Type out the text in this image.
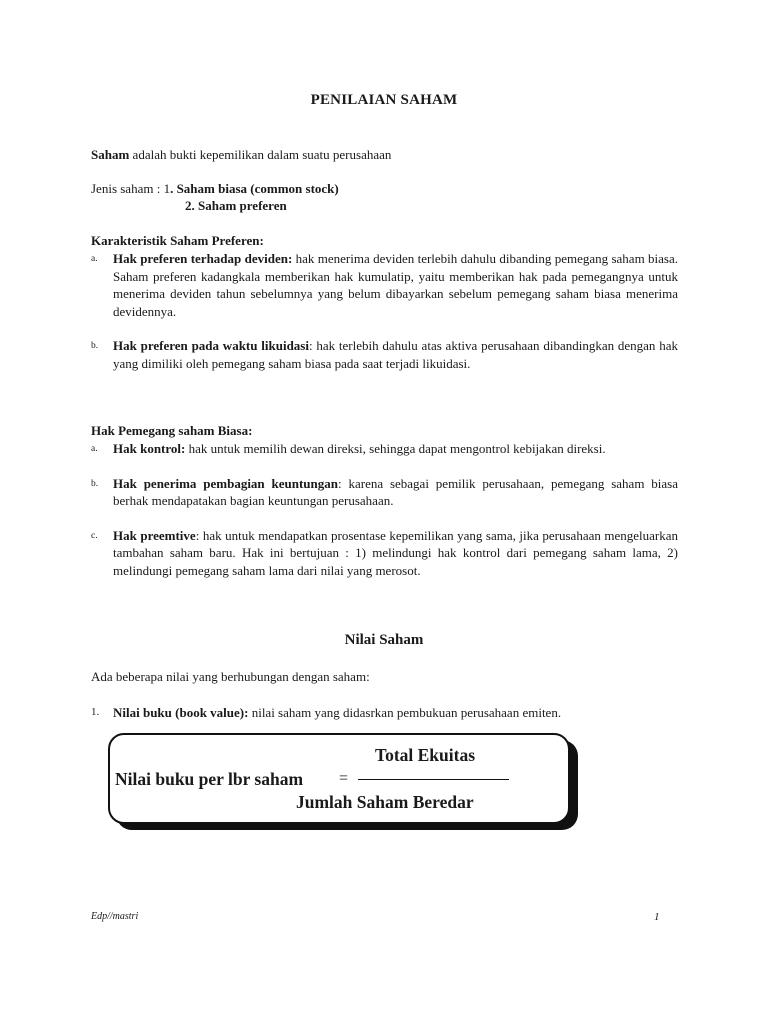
PENILAIAN SAHAM
Saham adalah bukti kepemilikan dalam suatu perusahaan
Jenis saham : 1. Saham biasa (common stock)
2. Saham preferen
Karakteristik Saham Preferen:
a. Hak preferen terhadap deviden: hak menerima deviden terlebih dahulu dibanding pemegang saham biasa. Saham preferen kadangkala memberikan hak kumulatip, yaitu memberikan hak pada pemegangnya untuk menerima deviden tahun sebelumnya yang belum dibayarkan sebelum pemegang saham biasa menerima devidennya.
b. Hak preferen pada waktu likuidasi: hak terlebih dahulu atas aktiva perusahaan dibandingkan dengan hak yang dimiliki oleh pemegang saham biasa pada saat terjadi likuidasi.
Hak Pemegang saham Biasa:
a. Hak kontrol: hak untuk memilih dewan direksi, sehingga dapat mengontrol kebijakan direksi.
b. Hak penerima pembagian keuntungan: karena sebagai pemilik perusahaan, pemegang saham biasa berhak mendapatakan bagian keuntungan perusahaan.
c. Hak preemtive: hak untuk mendapatkan prosentase kepemilikan yang sama, jika perusahaan mengeluarkan tambahan saham baru. Hak ini bertujuan : 1) melindungi hak kontrol dari pemegang saham lama, 2) melindungi pemegang saham lama dari nilai yang merosot.
Nilai Saham
Ada beberapa nilai yang berhubungan dengan saham:
1. Nilai buku (book value): nilai saham yang didasrkan pembukuan perusahaan emiten.
Total Ekuitas
Nilai buku per lbr saham =
Jumlah Saham Beredar
Edp//mastri	1
